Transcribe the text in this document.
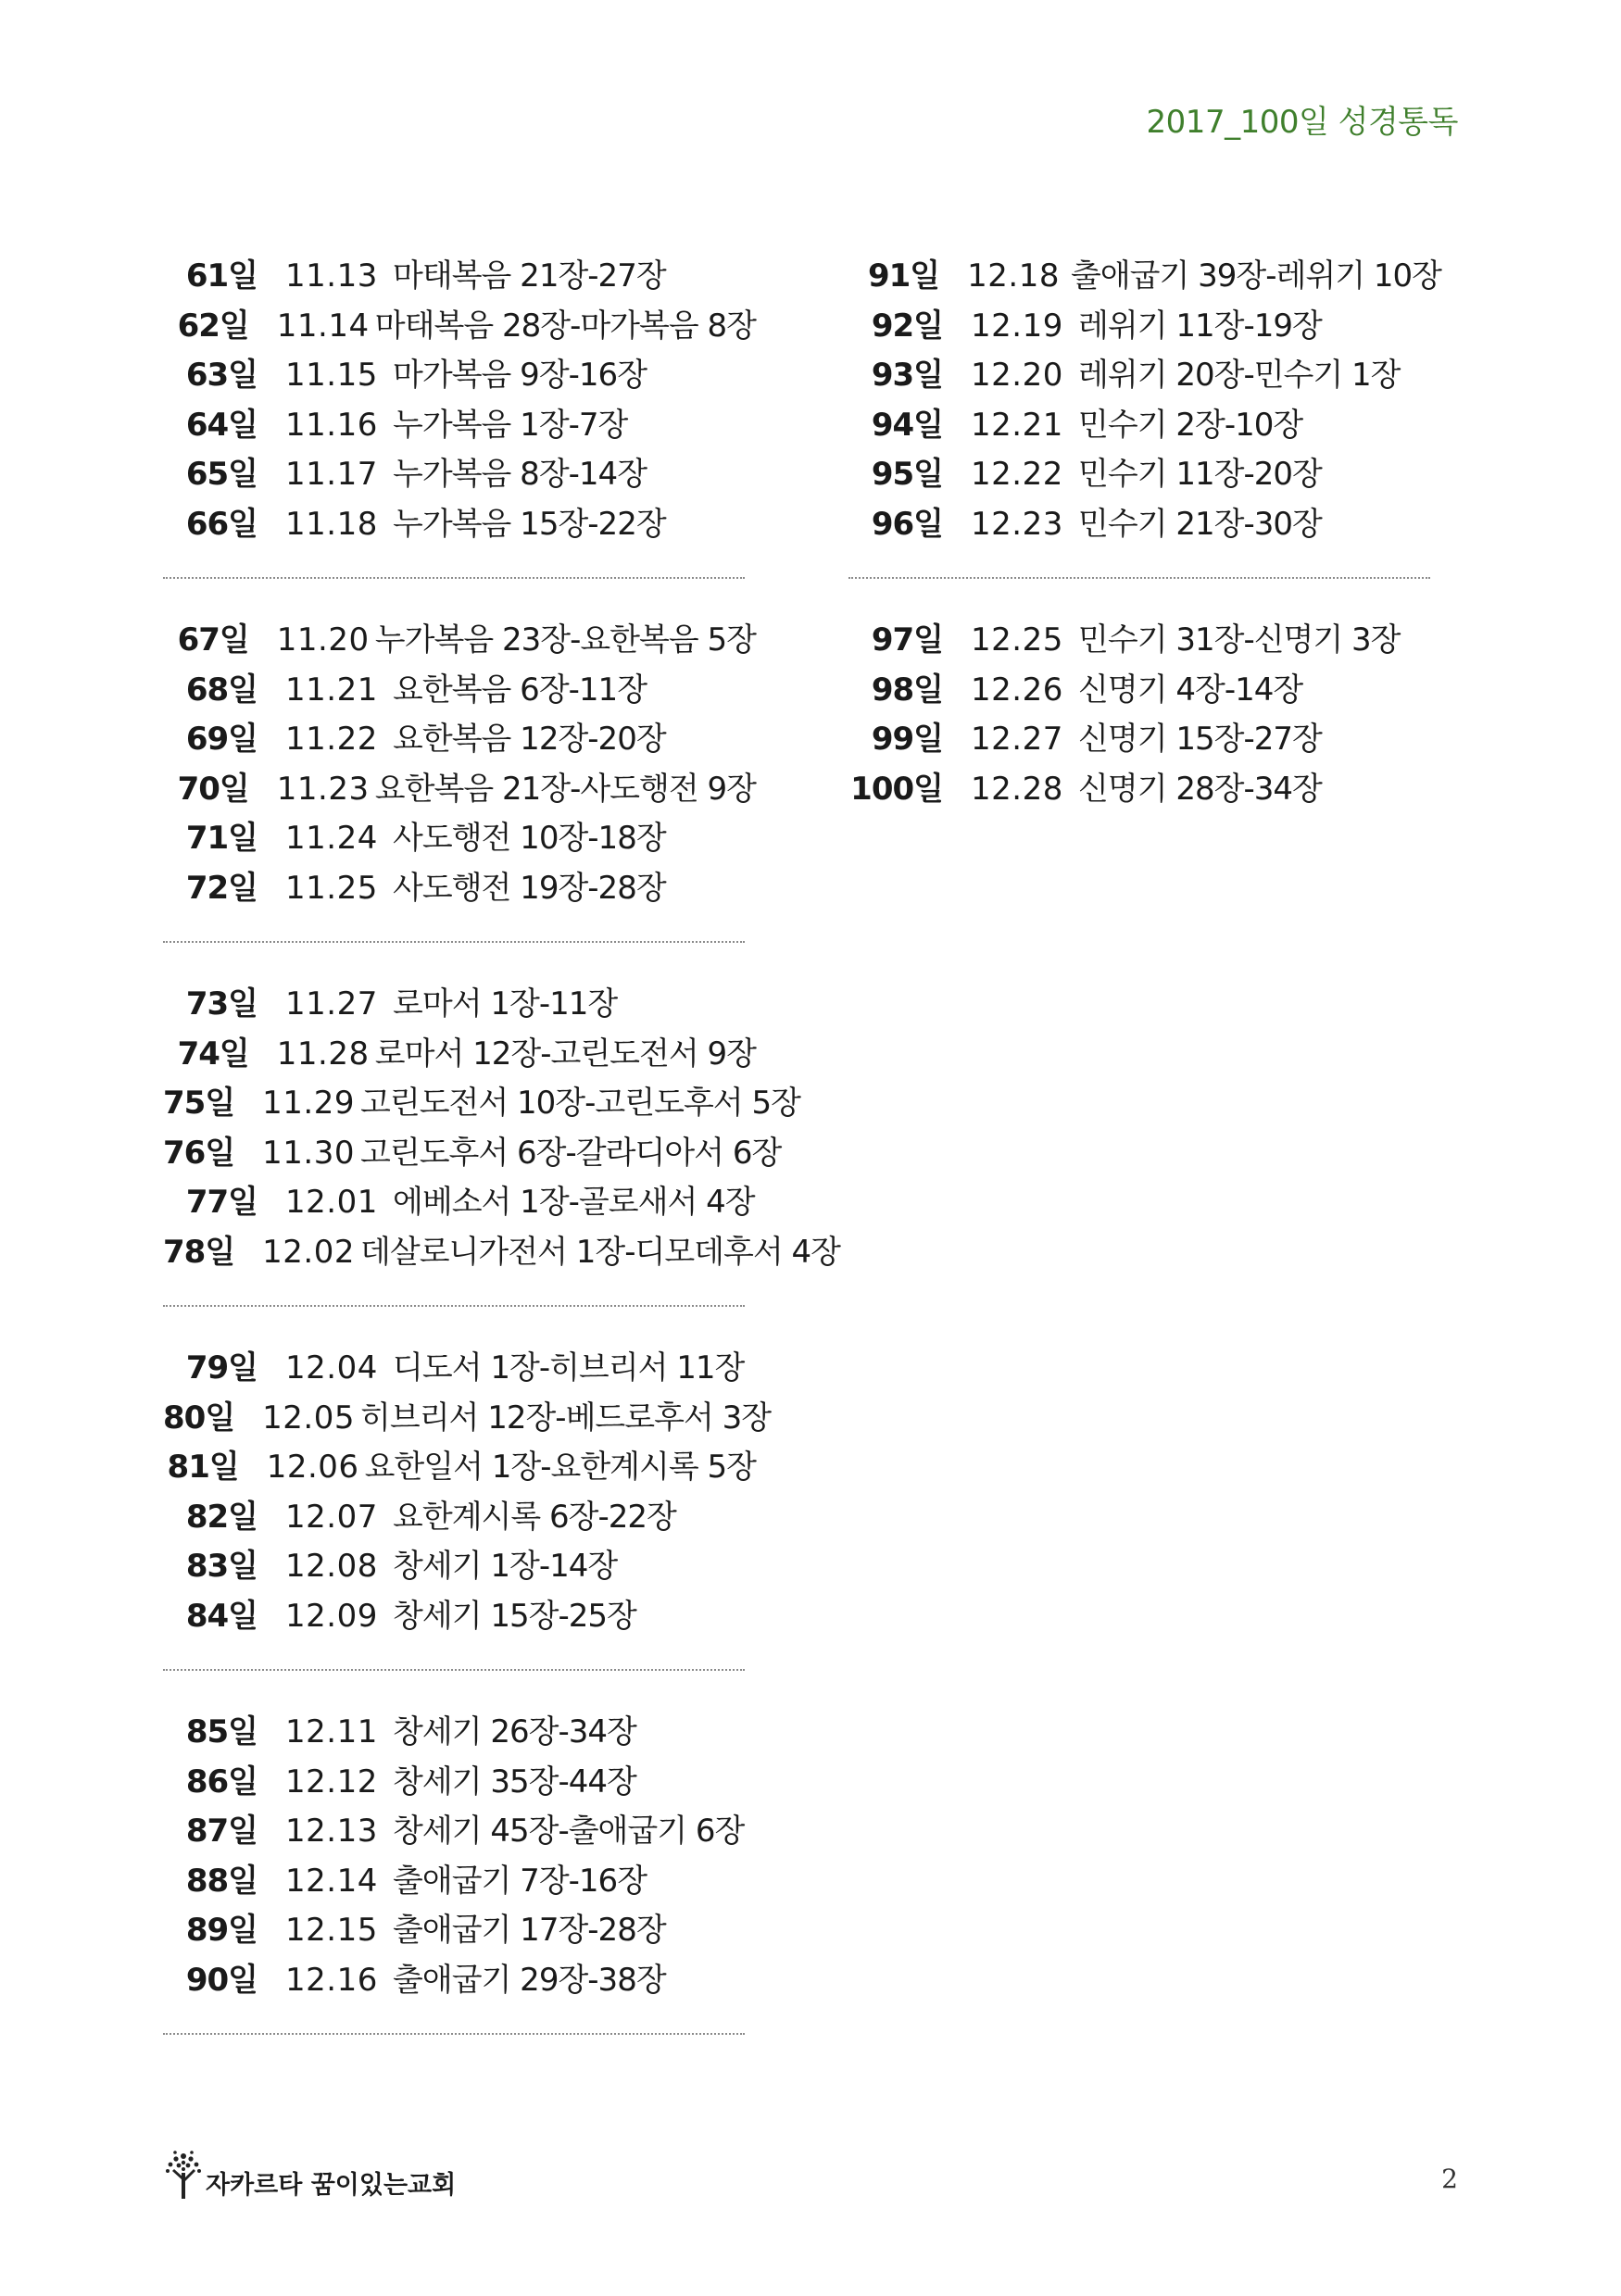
2017_100일 성경통독
61일 11.13 마태복음 21장-27장
62일 11.14 마태복음 28장-마가복음 8장
63일 11.15 마가복음 9장-16장
64일 11.16 누가복음 1장-7장
65일 11.17 누가복음 8장-14장
66일 11.18 누가복음 15장-22장
67일 11.20 누가복음 23장-요한복음 5장
68일 11.21 요한복음 6장-11장
69일 11.22 요한복음 12장-20장
70일 11.23 요한복음 21장-사도행전 9장
71일 11.24 사도행전 10장-18장
72일 11.25 사도행전 19장-28장
73일 11.27 로마서 1장-11장
74일 11.28 로마서 12장-고린도전서 9장
75일 11.29 고린도전서 10장-고린도후서 5장
76일 11.30 고린도후서 6장-갈라디아서 6장
77일 12.01 에베소서 1장-골로새서 4장
78일 12.02 데살로니가전서 1장-디모데후서 4장
79일 12.04 디도서 1장-히브리서 11장
80일 12.05 히브리서 12장-베드로후서 3장
81일 12.06 요한일서 1장-요한계시록 5장
82일 12.07 요한계시록 6장-22장
83일 12.08 창세기 1장-14장
84일 12.09 창세기 15장-25장
85일 12.11 창세기 26장-34장
86일 12.12 창세기 35장-44장
87일 12.13 창세기 45장-출애굽기 6장
88일 12.14 출애굽기 7장-16장
89일 12.15 출애굽기 17장-28장
90일 12.16 출애굽기 29장-38장
91일 12.18 출애굽기 39장-레위기 10장
92일 12.19 레위기 11장-19장
93일 12.20 레위기 20장-민수기 1장
94일 12.21 민수기 2장-10장
95일 12.22 민수기 11장-20장
96일 12.23 민수기 21장-30장
97일 12.25 민수기 31장-신명기 3장
98일 12.26 신명기 4장-14장
99일 12.27 신명기 15장-27장
100일 12.28 신명기 28장-34장
자카르타 꿈이있는교회	2
